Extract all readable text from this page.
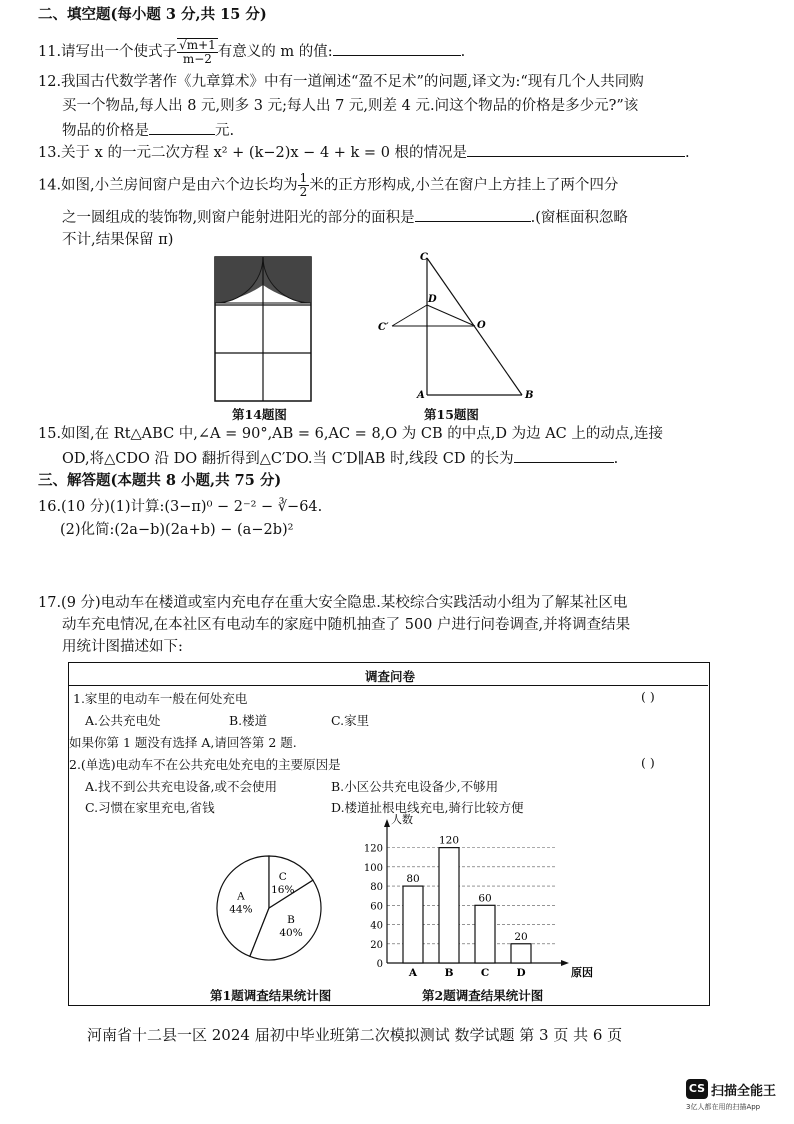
二、填空题(每小题 3 分,共 15 分)
11.请写出一个使式子 $\frac{√m+1}{m-2}$ 有意义的 m 的值:	.
12.我国古代数学著作《九章算术》中有一道阐述“盈不足术”的问题,译文为:“现有几个人共同购
买一个物品,每人出 8 元,则多 3 元;每人出 7 元,则差 4 元.问这个物品的价格是多少元?”该
物品的价格是	元.
13.关于 x 的一元二次方程 x² + (k−2)x − 4 + k = 0 根的情况是	.
14.如图,小兰房间窗户是由六个边长均为 $\frac{1}{2}$ 米的正方形构成,小兰在窗户上方挂上了两个四分
之一圆组成的装饰物,则窗户能射进阳光的部分的面积是	.(窗框面积忽略
不计,结果保留 π)
第14题图
C
D
C′	O
A	B
第15题图
15.如图,在 Rt△ABC 中,∠A = 90°,AB = 6,AC = 8,O 为 CB 的中点,D 为边 AC 上的动点,连接
OD,将△CDO 沿 DO 翻折得到△C′DO.当 C′D∥AB 时,线段 CD 的长为	.
三、解答题(本题共 8 小题,共 75 分)
16.(10 分)(1)计算:(3−π)⁰ − 2⁻² − ∛−64.
(2)化简:(2a−b)(2a+b) − (a−2b)²
17.(9 分)电动车在楼道或室内充电存在重大安全隐患.某校综合实践活动小组为了解某社区电
动车充电情况,在本社区有电动车的家庭中随机抽查了 500 户进行问卷调查,并将调查结果
用统计图描述如下:
调查问卷
1.家里的电动车一般在何处充电	( )
A.公共充电处	B.楼道	C.家里
如果你第 1 题没有选择 A,请回答第 2 题.
2.(单选)电动车不在公共充电处充电的主要原因是	( )
A.找不到公共充电设备,或不会使用	B.小区公共充电设备少,不够用
C.习惯在家里充电,省钱	D.楼道扯根电线充电,骑行比较方便
A
44%
B
40%
C
16%
第1题调查结果统计图
0
20
40
60
80
100
120
人数
原因
80
A
120
B
60
C
20
D
第2题调查结果统计图
河南省十二县一区 2024 届初中毕业班第二次模拟测试 数学试题 第 3 页 共 6 页
CS 扫描全能王
3亿人都在用的扫描App
